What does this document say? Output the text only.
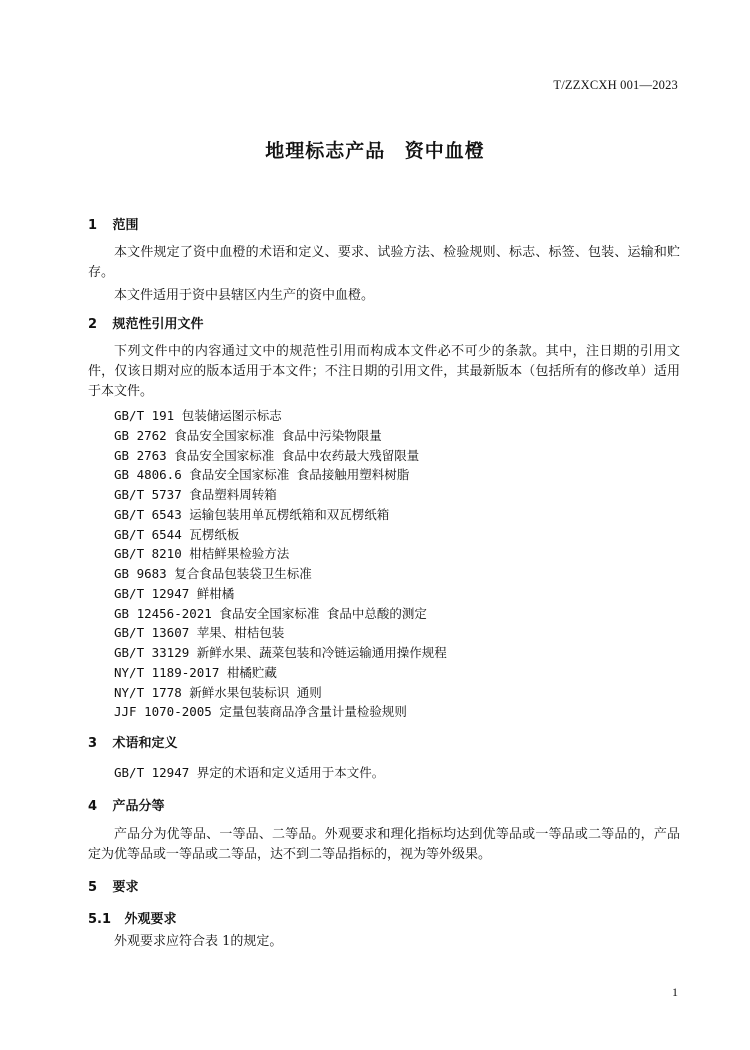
T/ZZXCXH 001—2023
地理标志产品 资中血橙
1 范围
本文件规定了资中血橙的术语和定义、要求、试验方法、检验规则、标志、标签、包装、运输和贮存。
本文件适用于资中县辖区内生产的资中血橙。
2 规范性引用文件
下列文件中的内容通过文中的规范性引用而构成本文件必不可少的条款。其中，注日期的引用文件，仅该日期对应的版本适用于本文件；不注日期的引用文件，其最新版本（包括所有的修改单）适用于本文件。
GB/T 191 包装储运图示标志
GB 2762 食品安全国家标准 食品中污染物限量
GB 2763 食品安全国家标准 食品中农药最大残留限量
GB 4806.6 食品安全国家标准 食品接触用塑料树脂
GB/T 5737 食品塑料周转箱
GB/T 6543 运输包装用单瓦楞纸箱和双瓦楞纸箱
GB/T 6544 瓦楞纸板
GB/T 8210 柑桔鲜果检验方法
GB 9683 复合食品包装袋卫生标准
GB/T 12947 鲜柑橘
GB 12456-2021 食品安全国家标准 食品中总酸的测定
GB/T 13607 苹果、柑桔包装
GB/T 33129 新鲜水果、蔬菜包装和冷链运输通用操作规程
NY/T 1189-2017 柑橘贮藏
NY/T 1778 新鲜水果包装标识 通则
JJF 1070-2005 定量包装商品净含量计量检验规则
3 术语和定义
GB/T 12947 界定的术语和定义适用于本文件。
4 产品分等
产品分为优等品、一等品、二等品。外观要求和理化指标均达到优等品或一等品或二等品的，产品定为优等品或一等品或二等品，达不到二等品指标的，视为等外级果。
5 要求
5.1 外观要求
外观要求应符合表 1的规定。
1
